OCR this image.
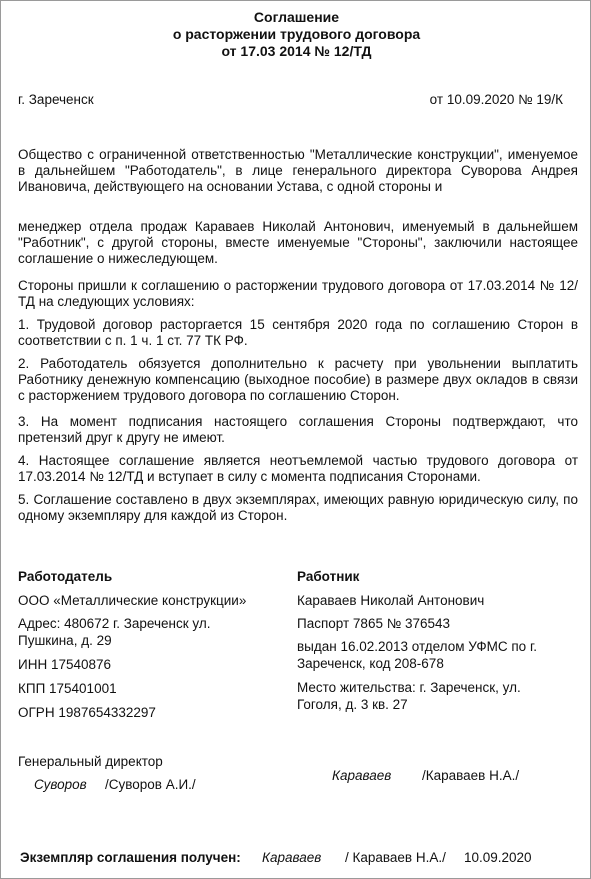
Соглашение
о расторжении трудового договора
от 17.03 2014 № 12/ТД
г. Зареченск	от 10.09.2020 № 19/К
Общество с ограниченной ответственностью "Металлические конструкции", именуемое в дальнейшем "Работодатель", в лице генерального директора Суворова Андрея Ивановича, действующего на основании Устава, с одной стороны и
менеджер отдела продаж Караваев Николай Антонович, именуемый в дальнейшем "Работник", с другой стороны, вместе именуемые "Стороны", заключили настоящее соглашение о нижеследующем.
Стороны пришли к соглашению о расторжении трудового договора от 17.03.2014 № 12/ТД на следующих условиях:
1. Трудовой договор расторгается 15 сентября 2020 года по соглашению Сторон в соответствии с п. 1 ч. 1 ст. 77 ТК РФ.
2. Работодатель обязуется дополнительно к расчету при увольнении выплатить Работнику денежную компенсацию (выходное пособие) в размере двух окладов в связи с расторжением трудового договора по соглашению Сторон.
3. На момент подписания настоящего соглашения Стороны подтверждают, что претензий друг к другу не имеют.
4. Настоящее соглашение является неотъемлемой частью трудового договора от 17.03.2014 № 12/ТД и вступает в силу с момента подписания Сторонами.
5. Соглашение составлено в двух экземплярах, имеющих равную юридическую силу, по одному экземпляру для каждой из Сторон.
Работодатель
ООО «Металлические конструкции»
Адрес: 480672 г. Зареченск ул.
Пушкина, д. 29
ИНН 17540876
КПП 175401001
ОГРН 1987654332297
Генеральный директор
Суворов /Суворов А.И./
Работник
Караваев Николай Антонович
Паспорт 7865 № 376543
выдан 16.02.2013 отделом УФМС по г.
Зареченск, код 208-678
Место жительства: г. Зареченск, ул.
Гоголя, д. 3 кв. 27
Караваев /Караваев Н.А./
Экземпляр соглашения получен: Караваев / Караваев Н.А./ 10.09.2020
